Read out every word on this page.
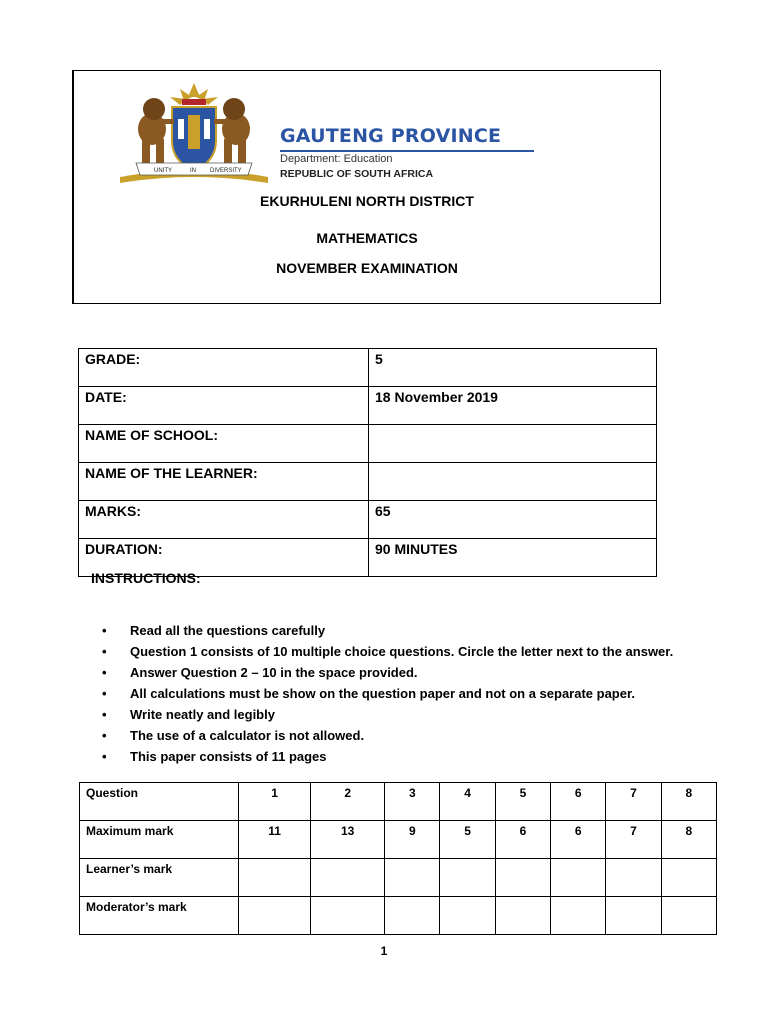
UNITY	IN DIVERSITY
GAUTENG PROVINCE
Department: Education
REPUBLIC OF SOUTH AFRICA
EKURHULENI NORTH DISTRICT
MATHEMATICS
NOVEMBER EXAMINATION
GRADE:	5
DATE:	18 November 2019
NAME OF SCHOOL:	
NAME OF THE LEARNER:	
MARKS:	65
DURATION:	90 MINUTES
INSTRUCTIONS:
• Read all the questions carefully
• Question 1 consists of 10 multiple choice questions. Circle the letter next to the answer.
• Answer Question 2 – 10 in the space provided.
• All calculations must be show on the question paper and not on a separate paper.
• Write neatly and legibly
• The use of a calculator is not allowed.
• This paper consists of 11 pages
Question	1	2	3	4	5	6	7	8
Maximum mark	11	13	9	5	6	6	7	8
Learner’s mark								
Moderator’s mark								
1
